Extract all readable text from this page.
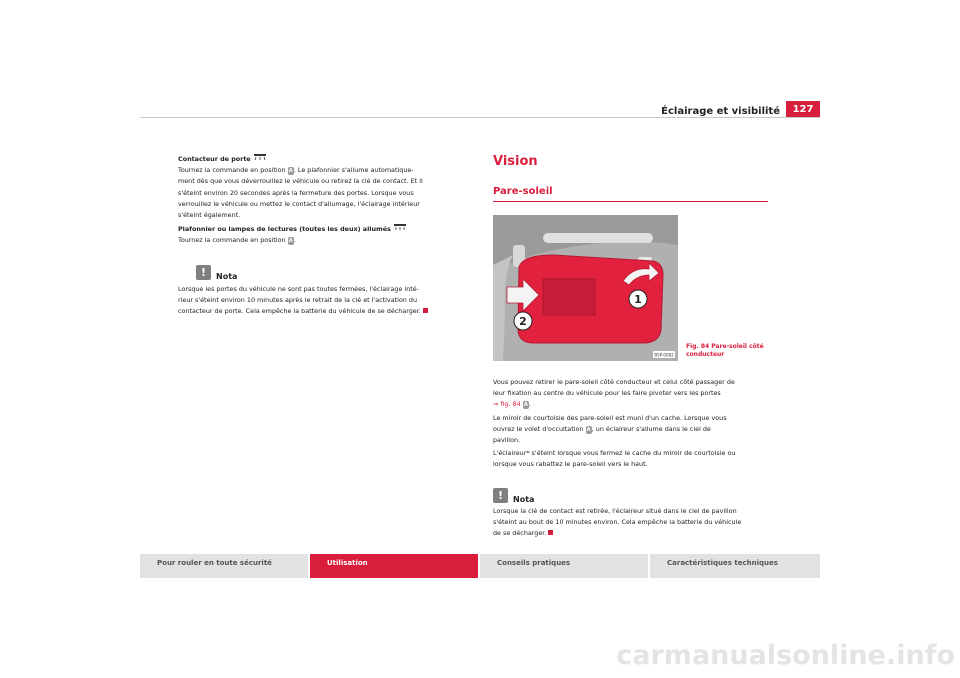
Éclairage et visibilité	127

Contacteur de porte

Tournez la commande en position A. Le plafonnier s'allume automatique-

ment dès que vous déverrouillez le véhicule ou retirez la clé de contact. Et il

s'éteint environ 20 secondes après la fermeture des portes. Lorsque vous

verrouillez le véhicule ou mettez le contact d'allumage, l'éclairage intérieur

s'éteint également.

Plafonnier ou lampes de lectures (toutes les deux) allumés

Tournez la commande en position A.

!	Nota

Lorsque les portes du véhicule ne sont pas toutes fermées, l'éclairage inté-

rieur s'éteint environ 10 minutes après le retrait de la clé et l'activation du

contacteur de porte. Cela empêche la batterie du véhicule de se décharger.

Vision
Pare-soleil
1
2
B5P-0082
Fig. 84 Pare-soleil côté
conducteur

Vous pouvez retirer le pare-soleil côté conducteur et celui côté passager de

leur fixation au centre du véhicule pour les faire pivoter vers les portes

⇒ fig. 84 A.

Le miroir de courtoisie des pare-soleil est muni d'un cache. Lorsque vous

ouvrez le volet d'occultation A, un éclaireur s'allume dans le ciel de

pavillon.

L'éclaireur* s'éteint lorsque vous fermez le cache du miroir de courtoisie ou

lorsque vous rabattez le pare-soleil vers le haut.

!	Nota

Lorsque la clé de contact est retirée, l'éclaireur situé dans le ciel de pavillon

s'éteint au bout de 10 minutes environ. Cela empêche la batterie du véhicule

de se décharger.

Pour rouler en toute sécurité	Utilisation	Conseils pratiques	Caractéristiques techniques
carmanualsonline.info
